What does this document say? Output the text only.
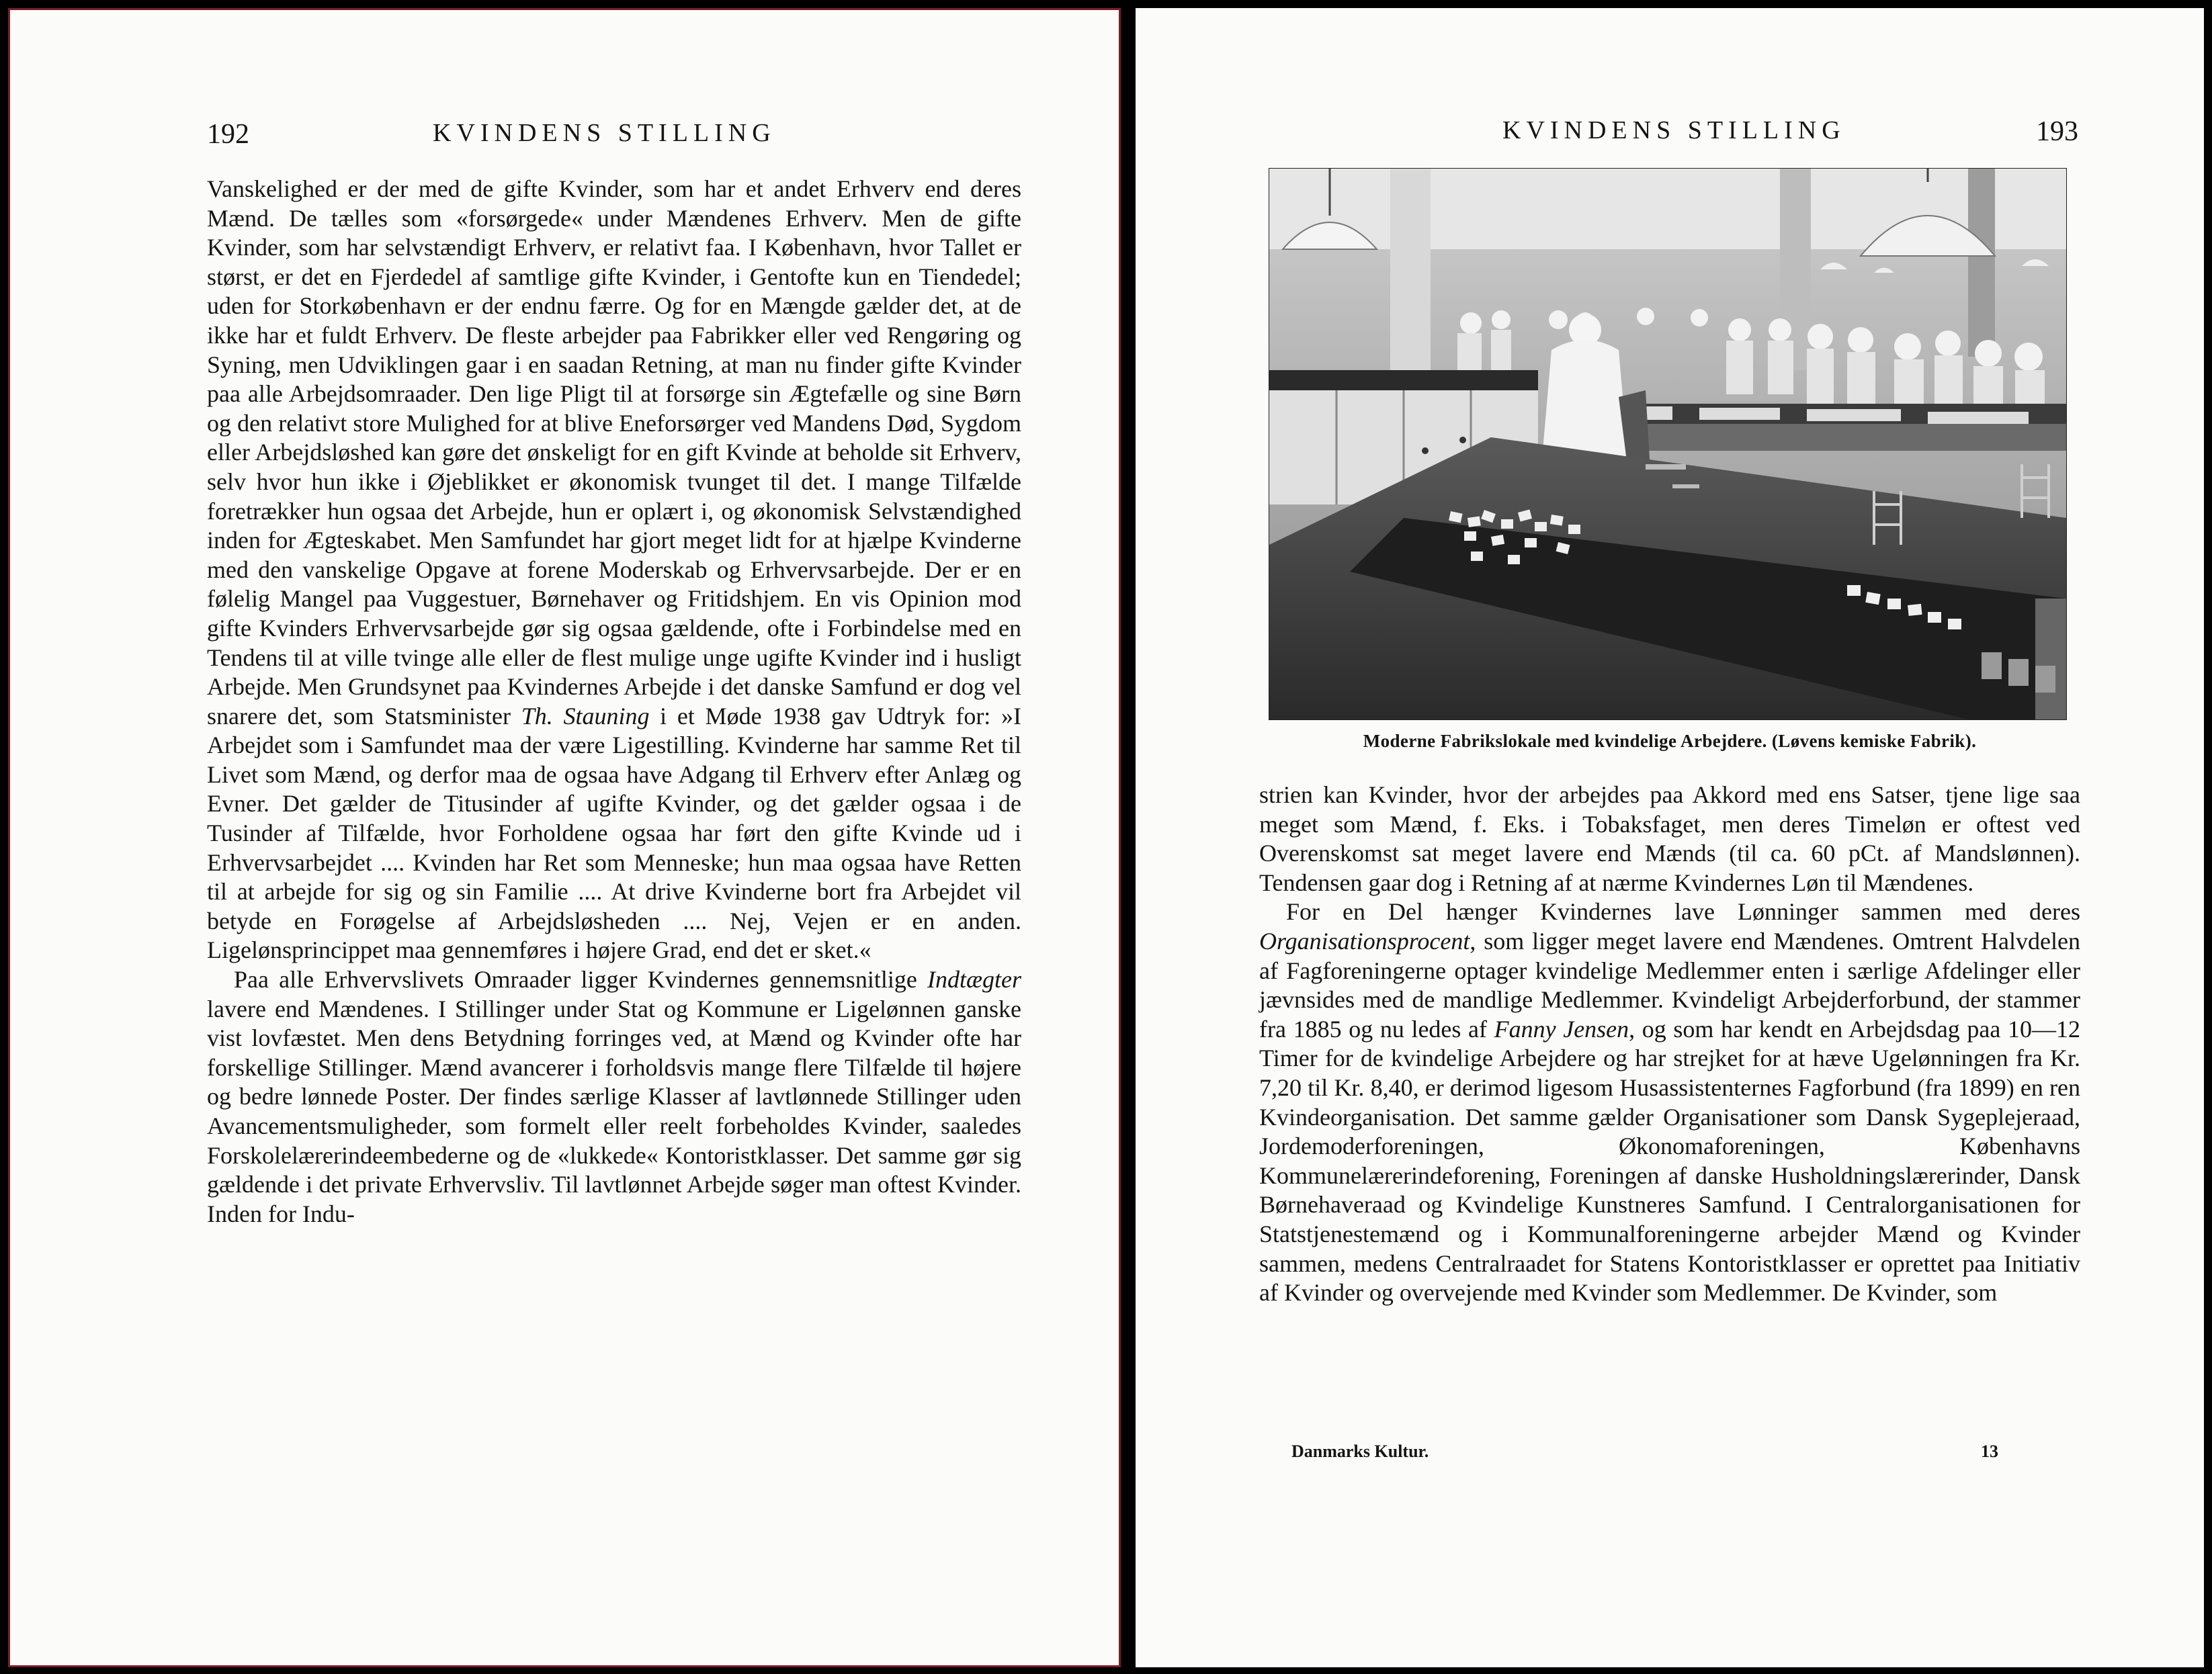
192	KVINDENS STILLING

Vanskelighed er der med de gifte Kvinder, som har et andet Erhverv end deres Mænd. De tælles som «forsørgede« under Mændenes Erhverv. Men de gifte Kvinder, som har selvstændigt Erhverv, er relativt faa. I København, hvor Tallet er størst, er det en Fjerdedel af samtlige gifte Kvinder, i Gentofte kun en Tiendedel; uden for Storkøbenhavn er der endnu færre. Og for en Mængde gælder det, at de ikke har et fuldt Erhverv. De fleste arbejder paa Fabrikker eller ved Rengøring og Syning, men Udviklingen gaar i en saadan Retning, at man nu finder gifte Kvinder paa alle Arbejdsomraader. Den lige Pligt til at forsørge sin Ægtefælle og sine Børn og den relativt store Mulighed for at blive Eneforsørger ved Mandens Død, Sygdom eller Arbejdsløshed kan gøre det ønskeligt for en gift Kvinde at beholde sit Erhverv, selv hvor hun ikke i Øjeblikket er økonomisk tvunget til det. I mange Tilfælde foretrækker hun ogsaa det Arbejde, hun er oplært i, og økonomisk Selvstændighed inden for Ægteskabet. Men Samfundet har gjort meget lidt for at hjælpe Kvinderne med den vanskelige Opgave at forene Moderskab og Erhvervsarbejde. Der er en følelig Mangel paa Vuggestuer, Børnehaver og Fritidshjem. En vis Opinion mod gifte Kvinders Erhvervsarbejde gør sig ogsaa gældende, ofte i Forbindelse med en Tendens til at ville tvinge alle eller de flest mulige unge ugifte Kvinder ind i husligt Arbejde. Men Grundsynet paa Kvindernes Arbejde i det danske Samfund er dog vel snarere det, som Statsminister Th. Stauning i et Møde 1938 gav Udtryk for: »I Arbejdet som i Samfundet maa der være Ligestilling. Kvinderne har samme Ret til Livet som Mænd, og derfor maa de ogsaa have Adgang til Erhverv efter Anlæg og Evner. Det gælder de Titusinder af ugifte Kvinder, og det gælder ogsaa i de Tusinder af Tilfælde, hvor Forholdene ogsaa har ført den gifte Kvinde ud i Erhvervsarbejdet .... Kvinden har Ret som Menneske; hun maa ogsaa have Retten til at arbejde for sig og sin Familie .... At drive Kvinderne bort fra Arbejdet vil betyde en Forøgelse af Arbejdsløsheden .... Nej, Vejen er en anden. Ligelønsprincippet maa gennemføres i højere Grad, end det er sket.«

Paa alle Erhvervslivets Omraader ligger Kvindernes gennemsnitlige Indtægter lavere end Mændenes. I Stillinger under Stat og Kommune er Ligelønnen ganske vist lovfæstet. Men dens Betydning forringes ved, at Mænd og Kvinder ofte har forskellige Stillinger. Mænd avancerer i forholdsvis mange flere Tilfælde til højere og bedre lønnede Poster. Der findes særlige Klasser af lavtlønnede Stillinger uden Avancementsmuligheder, som formelt eller reelt forbeholdes Kvinder, saaledes Forskolelærerindeembederne og de «lukkede« Kontoristklasser. Det samme gør sig gældende i det private Erhvervsliv. Til lavtlønnet Arbejde søger man oftest Kvinder. Inden for Indu-

KVINDENS STILLING	193
Moderne Fabrikslokale med kvindelige Arbejdere. (Løvens kemiske Fabrik).

strien kan Kvinder, hvor der arbejdes paa Akkord med ens Satser, tjene lige saa meget som Mænd, f. Eks. i Tobaksfaget, men deres Timeløn er oftest ved Overenskomst sat meget lavere end Mænds (til ca. 60 pCt. af Mandslønnen). Tendensen gaar dog i Retning af at nærme Kvindernes Løn til Mændenes.

For en Del hænger Kvindernes lave Lønninger sammen med deres Organisationsprocent, som ligger meget lavere end Mændenes. Omtrent Halvdelen af Fagforeningerne optager kvindelige Medlemmer enten i særlige Afdelinger eller jævnsides med de mandlige Medlemmer. Kvindeligt Arbejderforbund, der stammer fra 1885 og nu ledes af Fanny Jensen, og som har kendt en Arbejdsdag paa 10—12 Timer for de kvindelige Arbejdere og har strejket for at hæve Ugelønningen fra Kr. 7,20 til Kr. 8,40, er derimod ligesom Husassistenternes Fagforbund (fra 1899) en ren Kvindeorganisation. Det samme gælder Organisationer som Dansk Sygeplejeraad, Jordemoderforeningen, Økonomaforeningen, Københavns Kommunelærerindeforening, Foreningen af danske Husholdningslærerinder, Dansk Børnehaveraad og Kvindelige Kunstneres Samfund. I Centralorganisationen for Statstjenestemænd og i Kommunalforeningerne arbejder Mænd og Kvinder sammen, medens Centralraadet for Statens Kontoristklasser er oprettet paa Initiativ af Kvinder og overvejende med Kvinder som Medlemmer. De Kvinder, som

Danmarks Kultur.	13
